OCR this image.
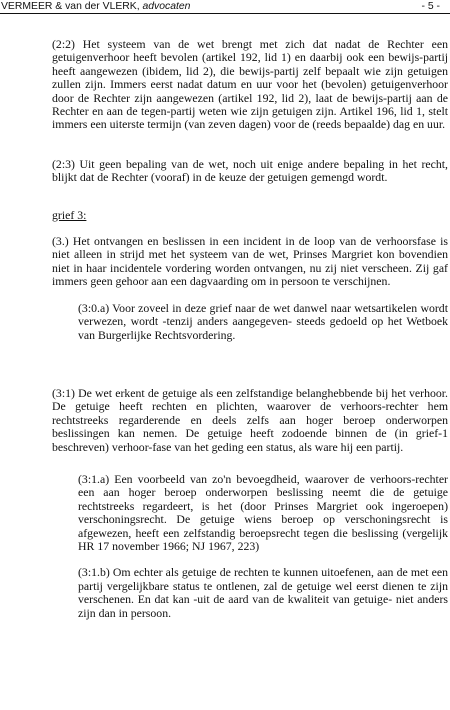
VERMEER & van der VLERK, advocaten	- 5 -

(2:2) Het systeem van de wet brengt met zich dat nadat de Rechter een getuigenverhoor heeft bevolen (artikel 192, lid 1) en daarbij ook een bewijs-partij heeft aangewezen (ibidem, lid 2), die bewijs-partij zelf bepaalt wie zijn getuigen zullen zijn. Immers eerst nadat datum en uur voor het (bevolen) getuigenverhoor door de Rechter zijn aangewezen (artikel 192, lid 2), laat de bewijs-partij aan de Rechter en aan de tegen-partij weten wie zijn getuigen zijn. Artikel 196, lid 1, stelt immers een uiterste termijn (van zeven dagen) voor de (reeds bepaalde) dag en uur.

(2:3) Uit geen bepaling van de wet, noch uit enige andere bepaling in het recht, blijkt dat de Rechter (vooraf) in de keuze der getuigen gemengd wordt.

grief 3:

(3.) Het ontvangen en beslissen in een incident in de loop van de verhoorsfase is niet alleen in strijd met het systeem van de wet, Prinses Margriet kon bovendien niet in haar incidentele vordering worden ontvangen, nu zij niet verscheen. Zij gaf immers geen gehoor aan een dagvaarding om in persoon te verschijnen.

(3:0.a) Voor zoveel in deze grief naar de wet danwel naar wetsartikelen wordt verwezen, wordt -tenzij anders aangegeven- steeds gedoeld op het Wetboek van Burgerlijke Rechtsvordering.

(3:1) De wet erkent de getuige als een zelfstandige belanghebbende bij het verhoor. De getuige heeft rechten en plichten, waarover de verhoors-rechter hem rechtstreeks regarderende en deels zelfs aan hoger beroep onderworpen beslissingen kan nemen. De getuige heeft zodoende binnen de (in grief-1 beschreven) verhoor-fase van het geding een status, als ware hij een partij.

(3:1.a) Een voorbeeld van zo'n bevoegdheid, waarover de verhoors-rechter een aan hoger beroep onderworpen beslissing neemt die de getuige rechtstreeks regardeert, is het (door Prinses Margriet ook ingeroepen) verschoningsrecht. De getuige wiens beroep op verschoningsrecht is afgewezen, heeft een zelfstandig beroepsrecht tegen die beslissing (vergelijk HR 17 november 1966; NJ 1967, 223)

(3:1.b) Om echter als getuige de rechten te kunnen uitoefenen, aan de met een partij vergelijkbare status te ontlenen, zal de getuige wel eerst dienen te zijn verschenen. En dat kan -uit de aard van de kwaliteit van getuige- niet anders zijn dan in persoon.
